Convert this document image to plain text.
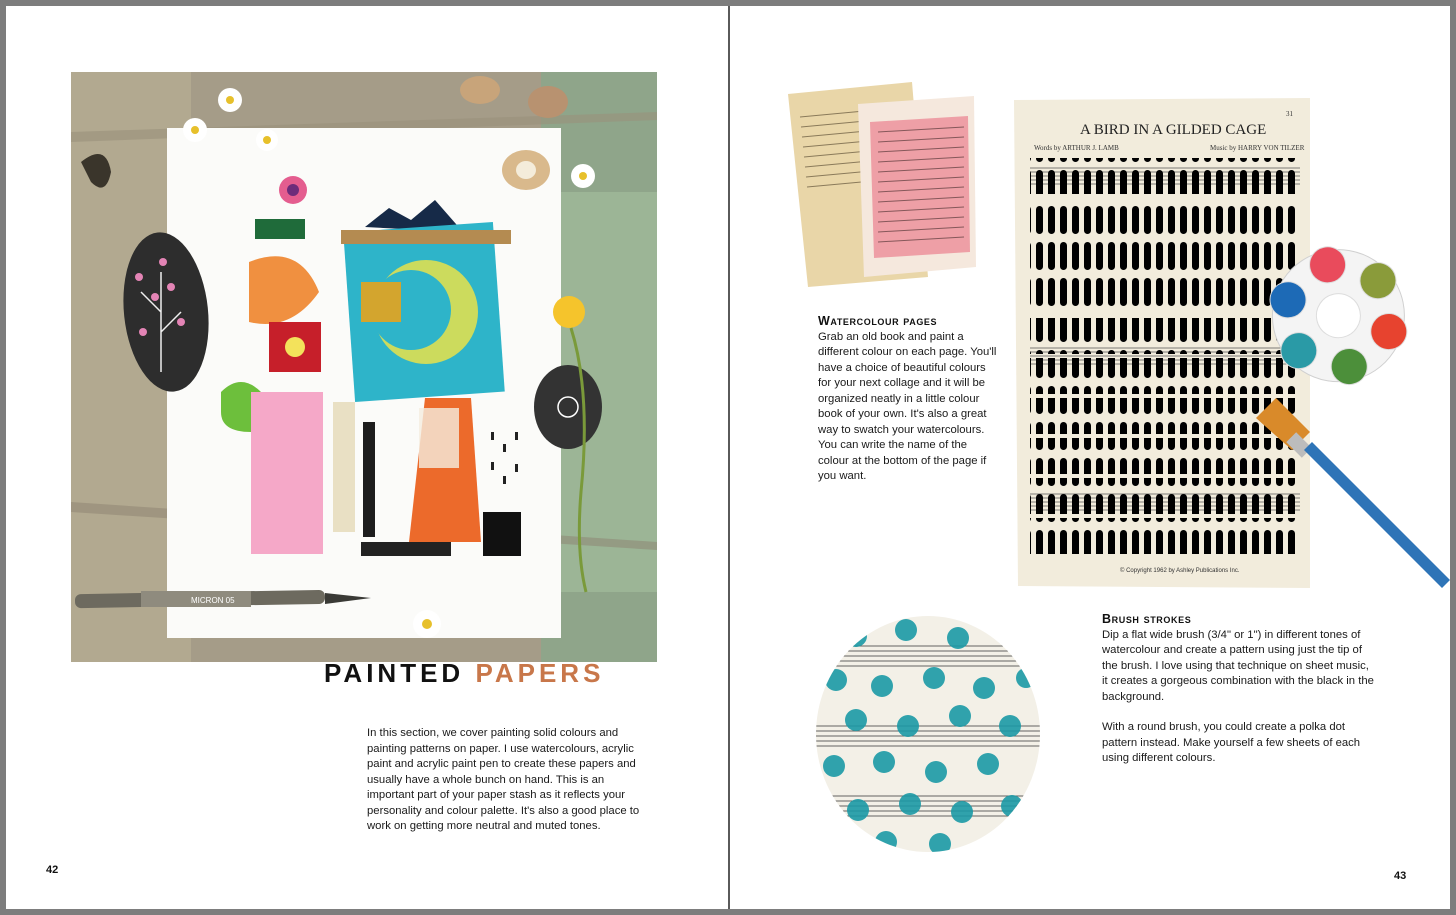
MICRON 05
PAINTED PAPERS
In this section, we cover painting solid colours and painting patterns on paper. I use watercolours, acrylic paint and acrylic paint pen to create these papers and usually have a whole bunch on hand. This is an important part of your paper stash as it reflects your personality and colour palette. It's also a good place to work on getting more neutral and muted tones.
42
A BIRD IN A GILDED CAGE
31
Words by ARTHUR J. LAMB	Music by HARRY VON TILZER
© Copyright 1962 by Ashley Publications Inc.
Watercolour pages
Grab an old book and paint a different colour on each page. You'll have a choice of beautiful colours for your next collage and it will be organized neatly in a little colour book of your own. It's also a great way to swatch your watercolours. You can write the name of the colour at the bottom of the page if you want.
Brush strokes

Dip a flat wide brush (3/4" or 1") in different tones of watercolour and create a pattern using just the tip of the brush. I love using that technique on sheet music, it creates a gorgeous combination with the black in the background.

With a round brush, you could create a polka dot pattern instead. Make yourself a few sheets of each using different colours.

43
